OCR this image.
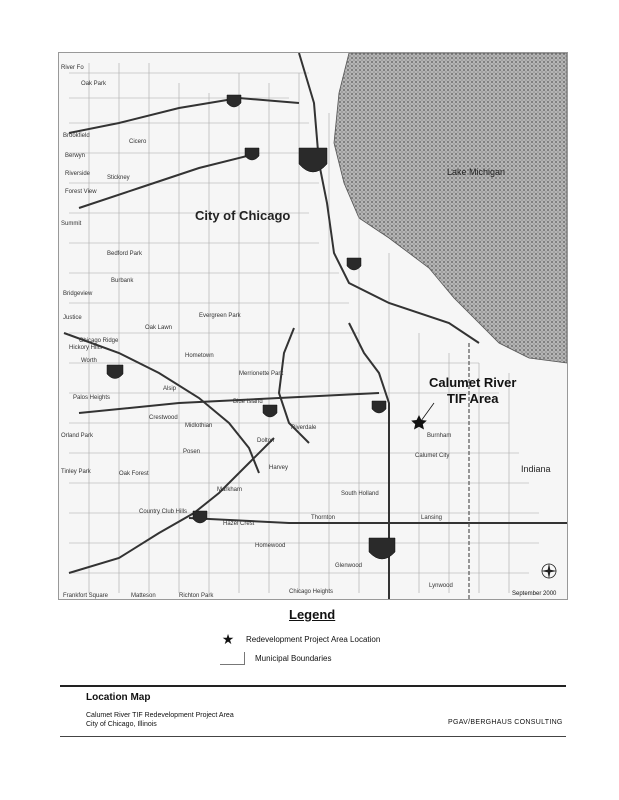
City of Chicago
Calumet River
TIF Area
Lake Michigan
Indiana
River Fo
Oak Park
Cicero
Stickney
Summit
Bedford Park
Burbank
Oak Lawn
Evergreen Park
Chicago Ridge
Worth
Alsip
Blue Island
Riverdale
Dolton
Calumet City
Burnham
Harvey
South Holland
Markham
Hazel Crest
Homewood
Glenwood
Lansing
Thornton
Posen
Midlothian
Crestwood
Palos Heights
Orland Park
Tinley Park	Oak Forest
Country Club Hills
Matteson	Richton Park
Chicago Heights
Frankfort Square
Lynwood
Merrionette Park
Hometown
Bridgeview
Justice
Hickory Hills
Forest View
Berwyn
Riverside
Brookfield
September 2000
Legend
★ Redevelopment Project Area Location
Municipal Boundaries
Location Map
Calumet River TIF Redevelopment Project Area
City of Chicago, Illinois	PGAV/BERGHAUS CONSULTING
